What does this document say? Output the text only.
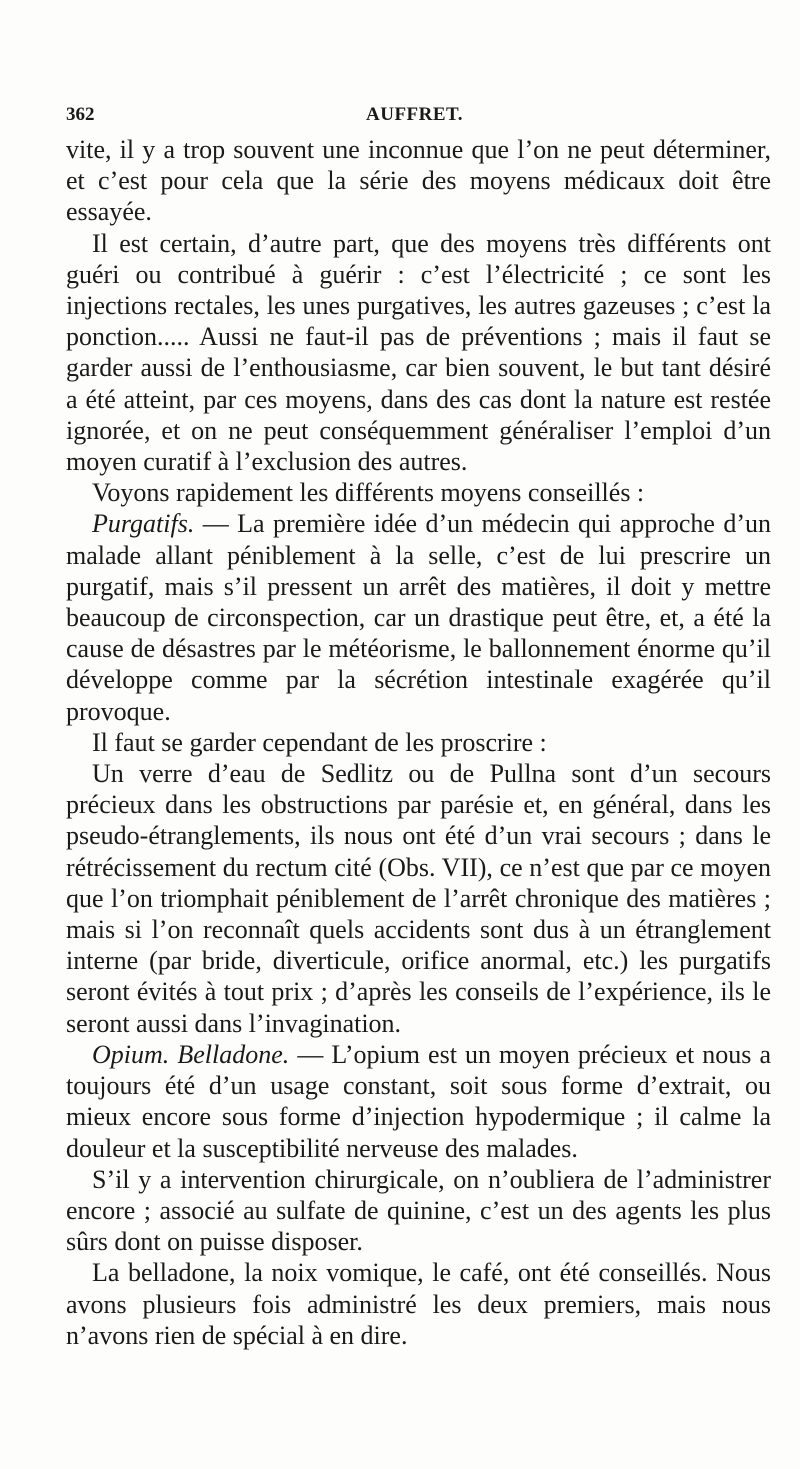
362	AUFFRET.

vite, il y a trop souvent une inconnue que l’on ne peut déterminer, et c’est pour cela que la série des moyens médicaux doit être essayée.

Il est certain, d’autre part, que des moyens très différents ont guéri ou contribué à guérir : c’est l’électricité ; ce sont les injections rectales, les unes purgatives, les autres gazeuses ; c’est la ponction..... Aussi ne faut-il pas de préventions ; mais il faut se garder aussi de l’enthousiasme, car bien souvent, le but tant désiré a été atteint, par ces moyens, dans des cas dont la nature est restée ignorée, et on ne peut conséquemment généraliser l’emploi d’un moyen curatif à l’exclusion des autres.

Voyons rapidement les différents moyens conseillés :

Purgatifs. — La première idée d’un médecin qui approche d’un malade allant péniblement à la selle, c’est de lui prescrire un purgatif, mais s’il pressent un arrêt des matières, il doit y mettre beaucoup de circonspection, car un drastique peut être, et, a été la cause de désastres par le météorisme, le ballonnement énorme qu’il développe comme par la sécrétion intestinale exagérée qu’il provoque.

Il faut se garder cependant de les proscrire :

Un verre d’eau de Sedlitz ou de Pullna sont d’un secours précieux dans les obstructions par parésie et, en général, dans les pseudo-étranglements, ils nous ont été d’un vrai secours ; dans le rétrécissement du rectum cité (Obs. VII), ce n’est que par ce moyen que l’on triomphait péniblement de l’arrêt chronique des matières ; mais si l’on reconnaît quels accidents sont dus à un étranglement interne (par bride, diverticule, orifice anormal, etc.) les purgatifs seront évités à tout prix ; d’après les conseils de l’expérience, ils le seront aussi dans l’invagination.

Opium. Belladone. — L’opium est un moyen précieux et nous a toujours été d’un usage constant, soit sous forme d’extrait, ou mieux encore sous forme d’injection hypodermique ; il calme la douleur et la susceptibilité nerveuse des malades.

S’il y a intervention chirurgicale, on n’oubliera de l’administrer encore ; associé au sulfate de quinine, c’est un des agents les plus sûrs dont on puisse disposer.

La belladone, la noix vomique, le café, ont été conseillés. Nous avons plusieurs fois administré les deux premiers, mais nous n’avons rien de spécial à en dire.
